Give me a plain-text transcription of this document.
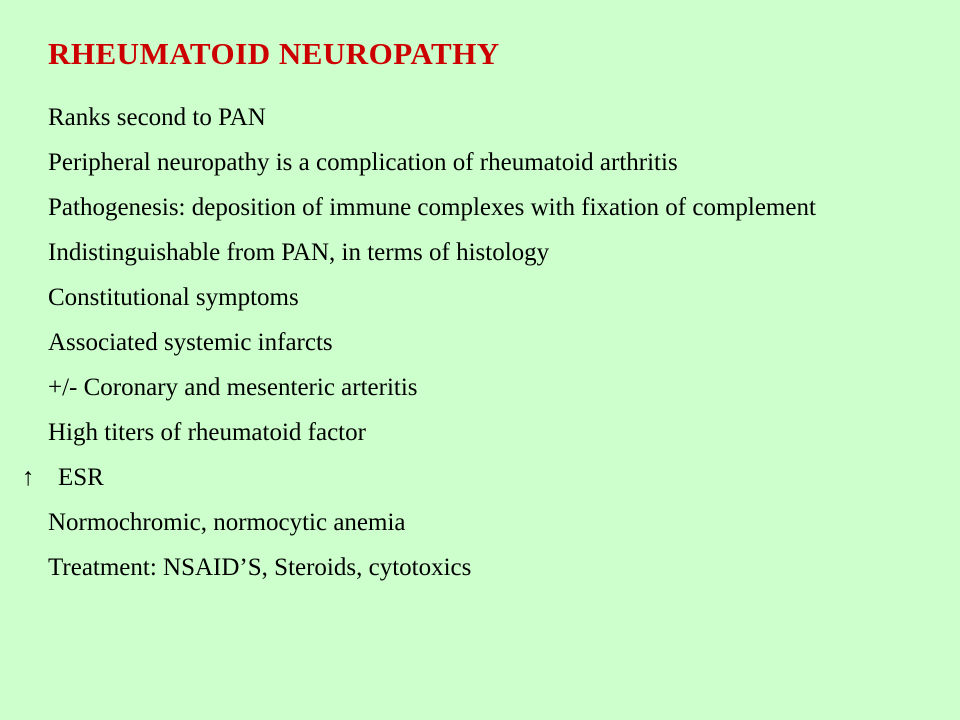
RHEUMATOID NEUROPATHY
Ranks second to PAN
Peripheral neuropathy is a complication of rheumatoid arthritis
Pathogenesis: deposition of immune complexes with fixation of complement
Indistinguishable from PAN, in terms of histology
Constitutional symptoms
Associated systemic infarcts
+/- Coronary and mesenteric arteritis
High titers of rheumatoid factor
↑ ESR
Normochromic, normocytic anemia
Treatment: NSAID’S, Steroids, cytotoxics
